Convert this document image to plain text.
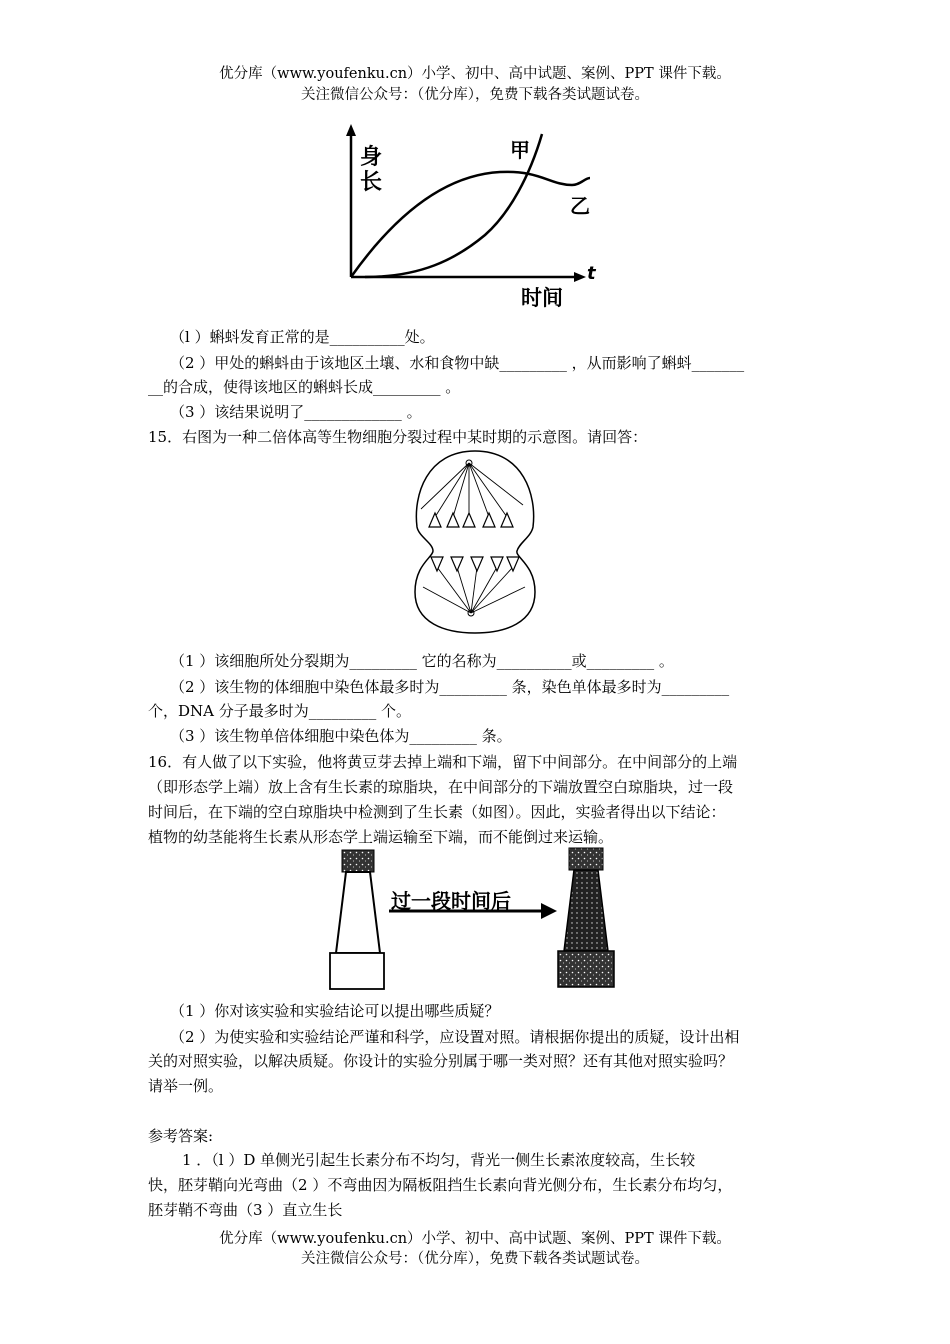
优分库（www.youfenku.cn）小学、初中、高中试题、案例、PPT 课件下载。
关注微信公众号：（优分库），免费下载各类试题试卷。
身
长
甲
乙
t
时间
（l ）蝌蚪发育正常的是__________处。
（2 ）甲处的蝌蚪由于该地区土壤、水和食物中缺_________ ，从而影响了蝌蚪_______
__的合成，使得该地区的蝌蚪长成_________ 。
（3 ）该结果说明了_____________ 。
15．右图为一种二倍体高等生物细胞分裂过程中某时期的示意图。请回答：
（1 ）该细胞所处分裂期为_________ 它的名称为__________或_________ 。
（2 ）该生物的体细胞中染色体最多时为_________ 条，染色单体最多时为_________
个，DNA 分子最多时为_________ 个。
（3 ）该生物单倍体细胞中染色体为_________ 条。
16．有人做了以下实验，他将黄豆芽去掉上端和下端，留下中间部分。在中间部分的上端
（即形态学上端）放上含有生长素的琼脂块，在中间部分的下端放置空白琼脂块，过一段
时间后，在下端的空白琼脂块中检测到了生长素（如图）。因此，实验者得出以下结论：
植物的幼茎能将生长素从形态学上端运输至下端，而不能倒过来运输。
过一段时间后
（1 ）你对该实验和实验结论可以提出哪些质疑？
（2 ）为使实验和实验结论严谨和科学，应设置对照。请根据你提出的质疑，设计出相
关的对照实验，以解决质疑。你设计的实验分别属于哪一类对照？还有其他对照实验吗？
请举一例。
参考答案:
1 ．（l ）D 单侧光引起生长素分布不均匀，背光一侧生长素浓度较高，生长较
快，胚芽鞘向光弯曲（2 ）不弯曲因为隔板阻挡生长素向背光侧分布，生长素分布均匀，
胚芽鞘不弯曲（3 ）直立生长
优分库（www.youfenku.cn）小学、初中、高中试题、案例、PPT 课件下载。
关注微信公众号：（优分库），免费下载各类试题试卷。
